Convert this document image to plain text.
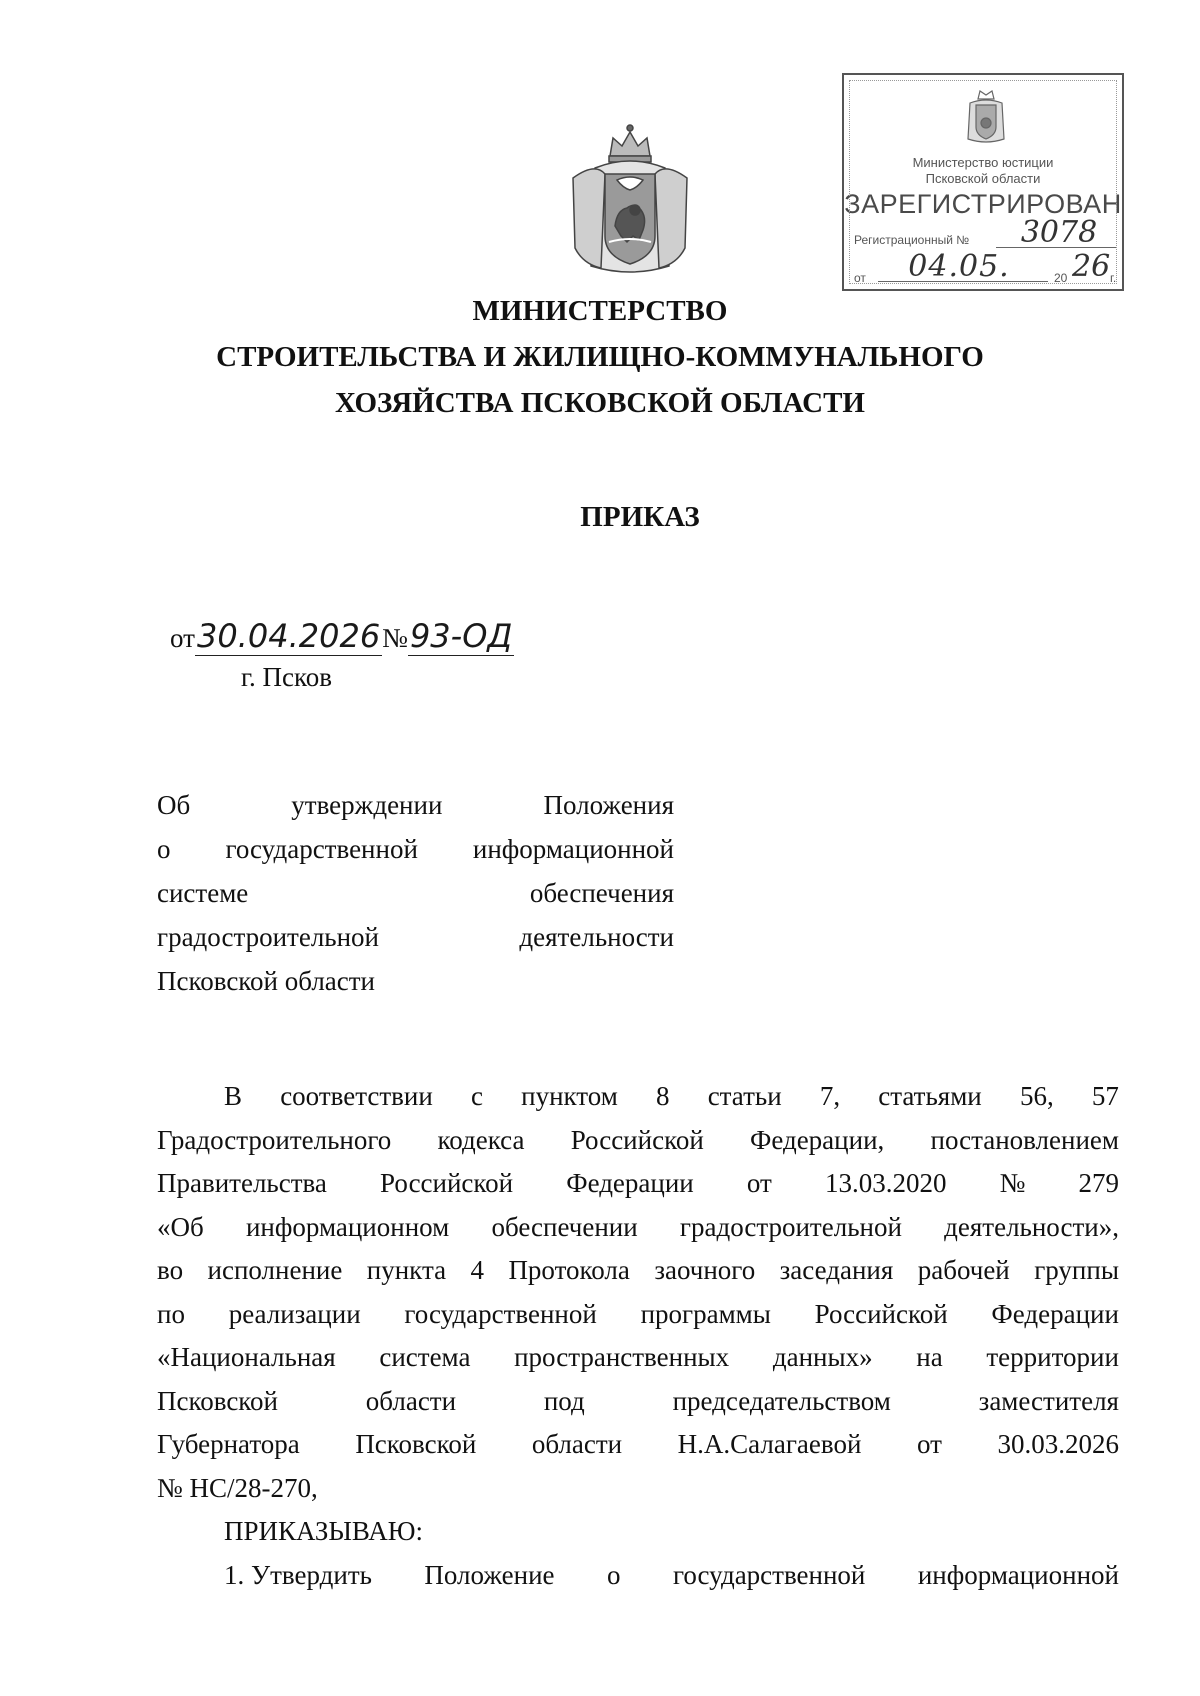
Министерство юстиции
Псковской области
ЗАРЕГИСТРИРОВАН
Регистрационный №	3078
от	04.05.	20 26 г.
МИНИСТЕРСТВО
СТРОИТЕЛЬСТВА И ЖИЛИЩНО-КОММУНАЛЬНОГО
ХОЗЯЙСТВА ПСКОВСКОЙ ОБЛАСТИ
ПРИКАЗ
от30.04.2026№93-ОД
г. Псков
Об	утверждении	Положения
о государственной информационной
системе	обеспечения
градостроительной	деятельности
Псковской области
В соответствии с пунктом 8 статьи 7, статьями 56, 57
Градостроительного кодекса Российской Федерации, постановлением
Правительства Российской Федерации от 13.03.2020 № 279
«Об информационном обеспечении градостроительной деятельности»,
во исполнение пункта 4 Протокола заочного заседания рабочей группы
по реализации государственной программы Российской Федерации
«Национальная система пространственных данных» на территории
Псковской	области	под	председательством	заместителя
Губернатора Псковской области Н.А.Салагаевой от 30.03.2026
№ НС/28-270,
ПРИКАЗЫВАЮ:
1. Утвердить Положение о государственной информационной
